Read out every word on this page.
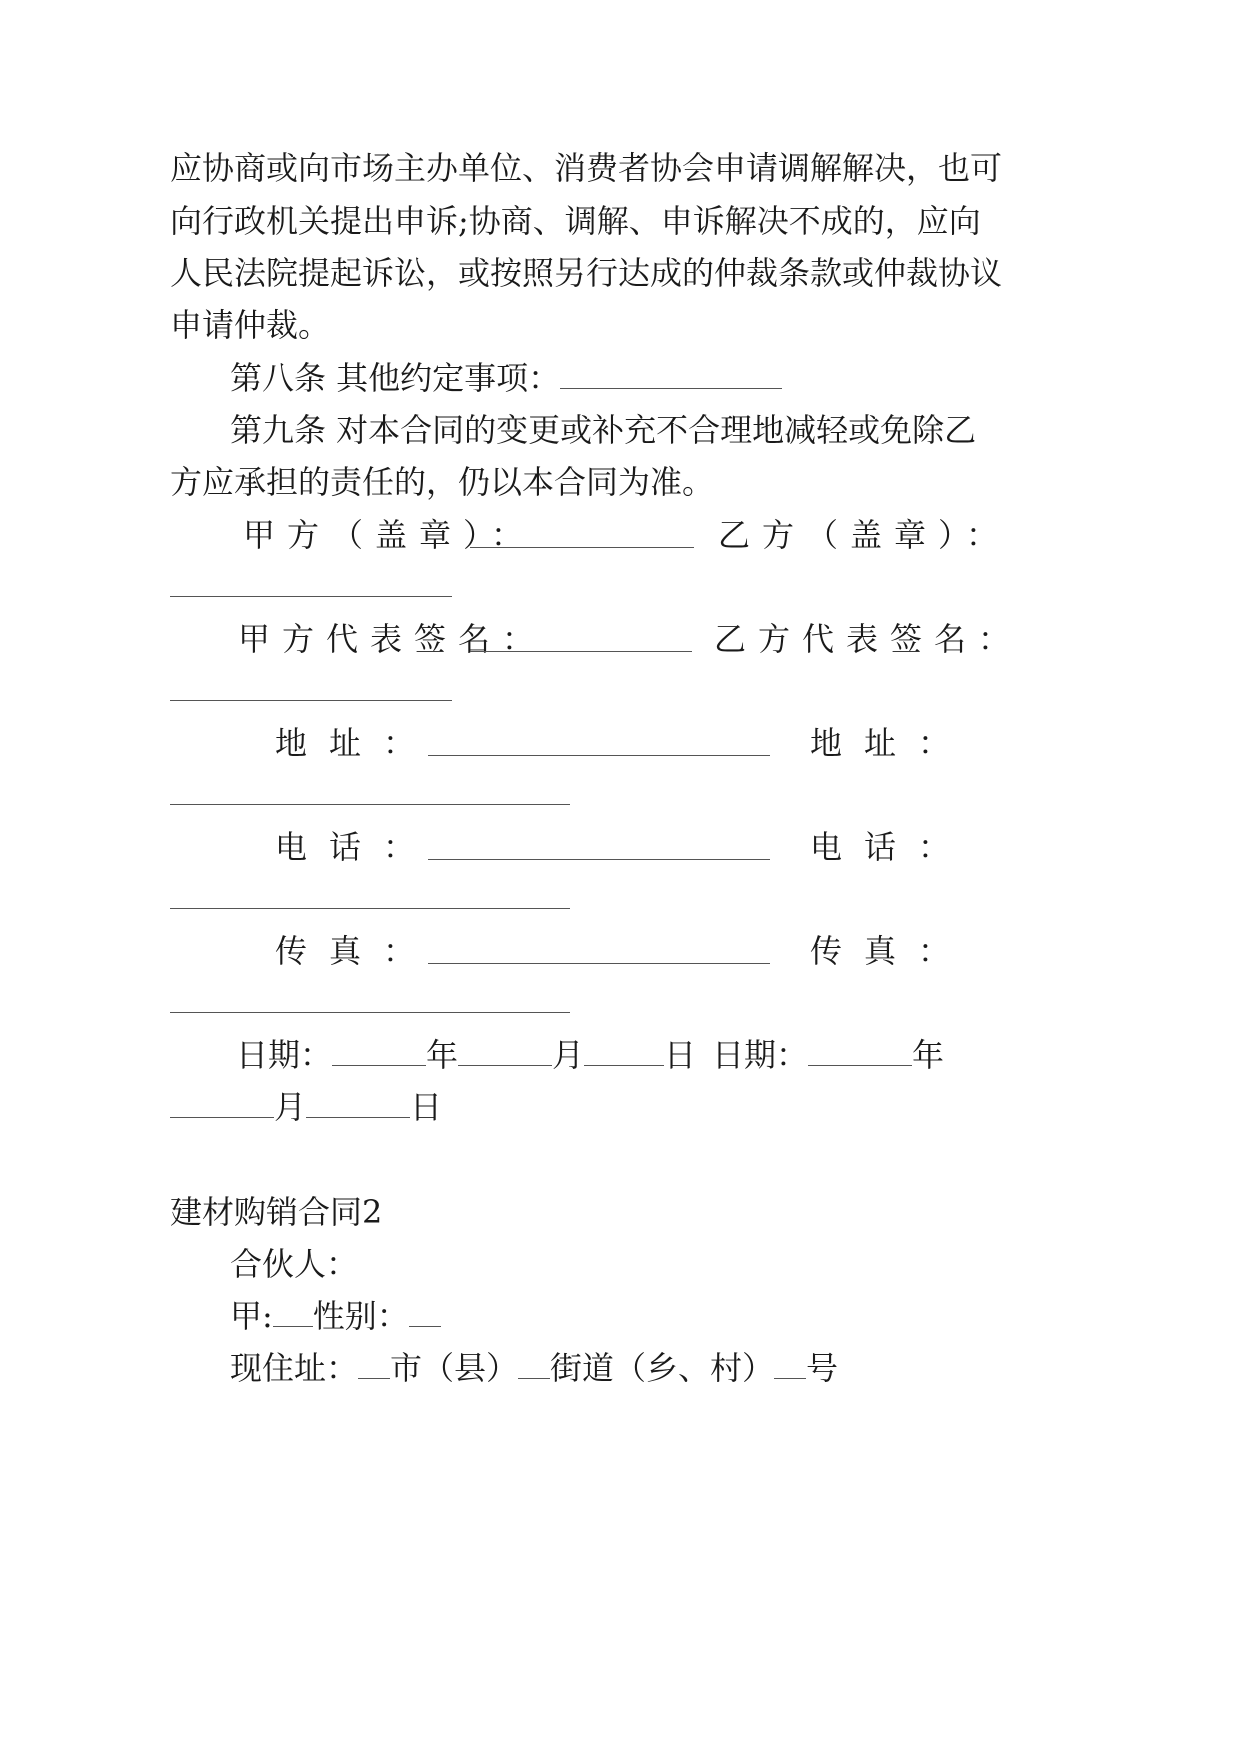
应协商或向市场主办单位、消费者协会申请调解解决，也可
向行政机关提出申诉;协商、调解、申诉解决不成的，应向
人民法院提起诉讼，或按照另行达成的仲裁条款或仲裁协议
申请仲裁。
第八条 其他约定事项：
第九条 对本合同的变更或补充不合理地减轻或免除乙
方应承担的责任的，仍以本合同为准。
甲方（盖章）：	乙方（盖章）：
甲方代表签名：	乙方代表签名：
地址：	地址：
电话：	电话：
传真：	传真：
日期：	年	月	日 日期：	年
月	日
建材购销合同2
合伙人：
甲: 性别：
现住址： 市（县） 街道（乡、村） 号
